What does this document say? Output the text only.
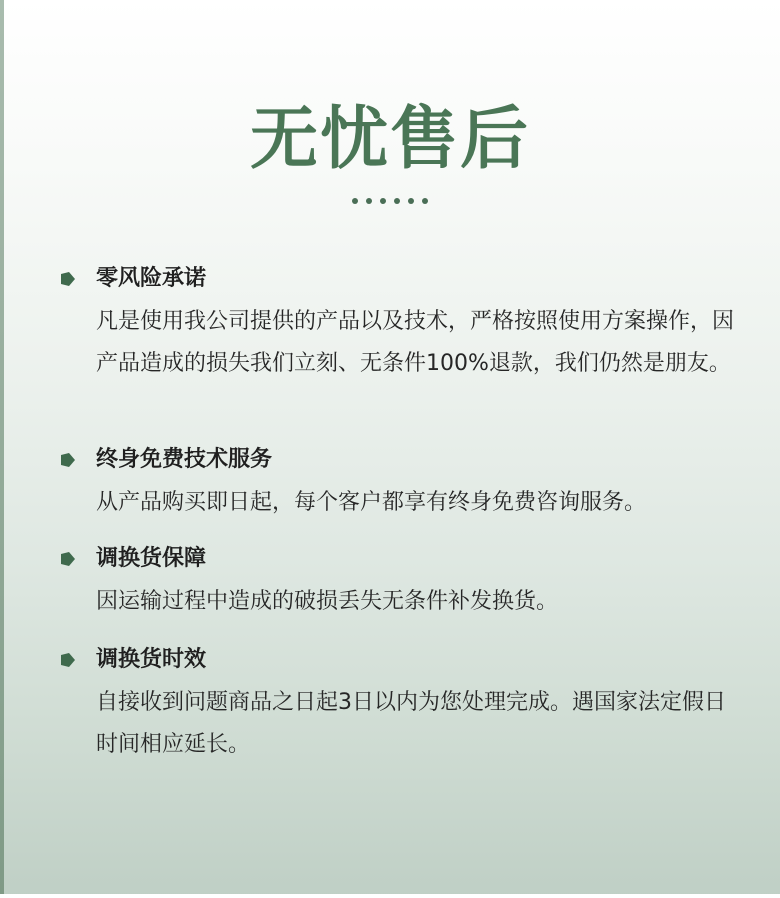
无忧售后
零风险承诺
凡是使用我公司提供的产品以及技术，严格按照使用方案操作，因产品造成的损失我们立刻、无条件100%退款，我们仍然是朋友。
终身免费技术服务
从产品购买即日起，每个客户都享有终身免费咨询服务。
调换货保障
因运输过程中造成的破损丢失无条件补发换货。
调换货时效
自接收到问题商品之日起3日以内为您处理完成。遇国家法定假日时间相应延长。
